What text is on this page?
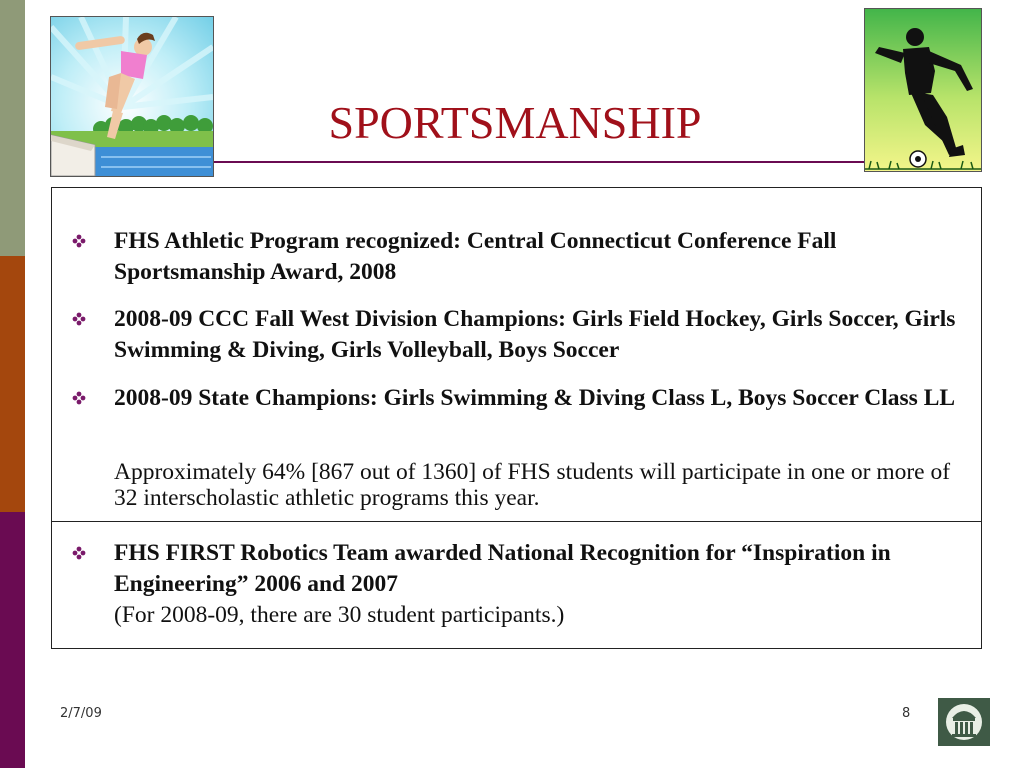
SPORTSMANSHIP
FHS Athletic Program recognized: Central Connecticut Conference Fall Sportsmanship Award, 2008
2008-09 CCC Fall West Division Champions: Girls Field Hockey, Girls Soccer, Girls Swimming & Diving, Girls Volleyball, Boys Soccer
2008-09 State Champions: Girls Swimming & Diving Class L, Boys Soccer Class LL
Approximately 64% [867 out of 1360] of FHS students will participate in one or more of 32 interscholastic athletic programs this year.
FHS FIRST Robotics Team awarded National Recognition for “Inspiration in Engineering” 2006 and 2007
(For 2008-09, there are 30 student participants.)
2/7/09	8
